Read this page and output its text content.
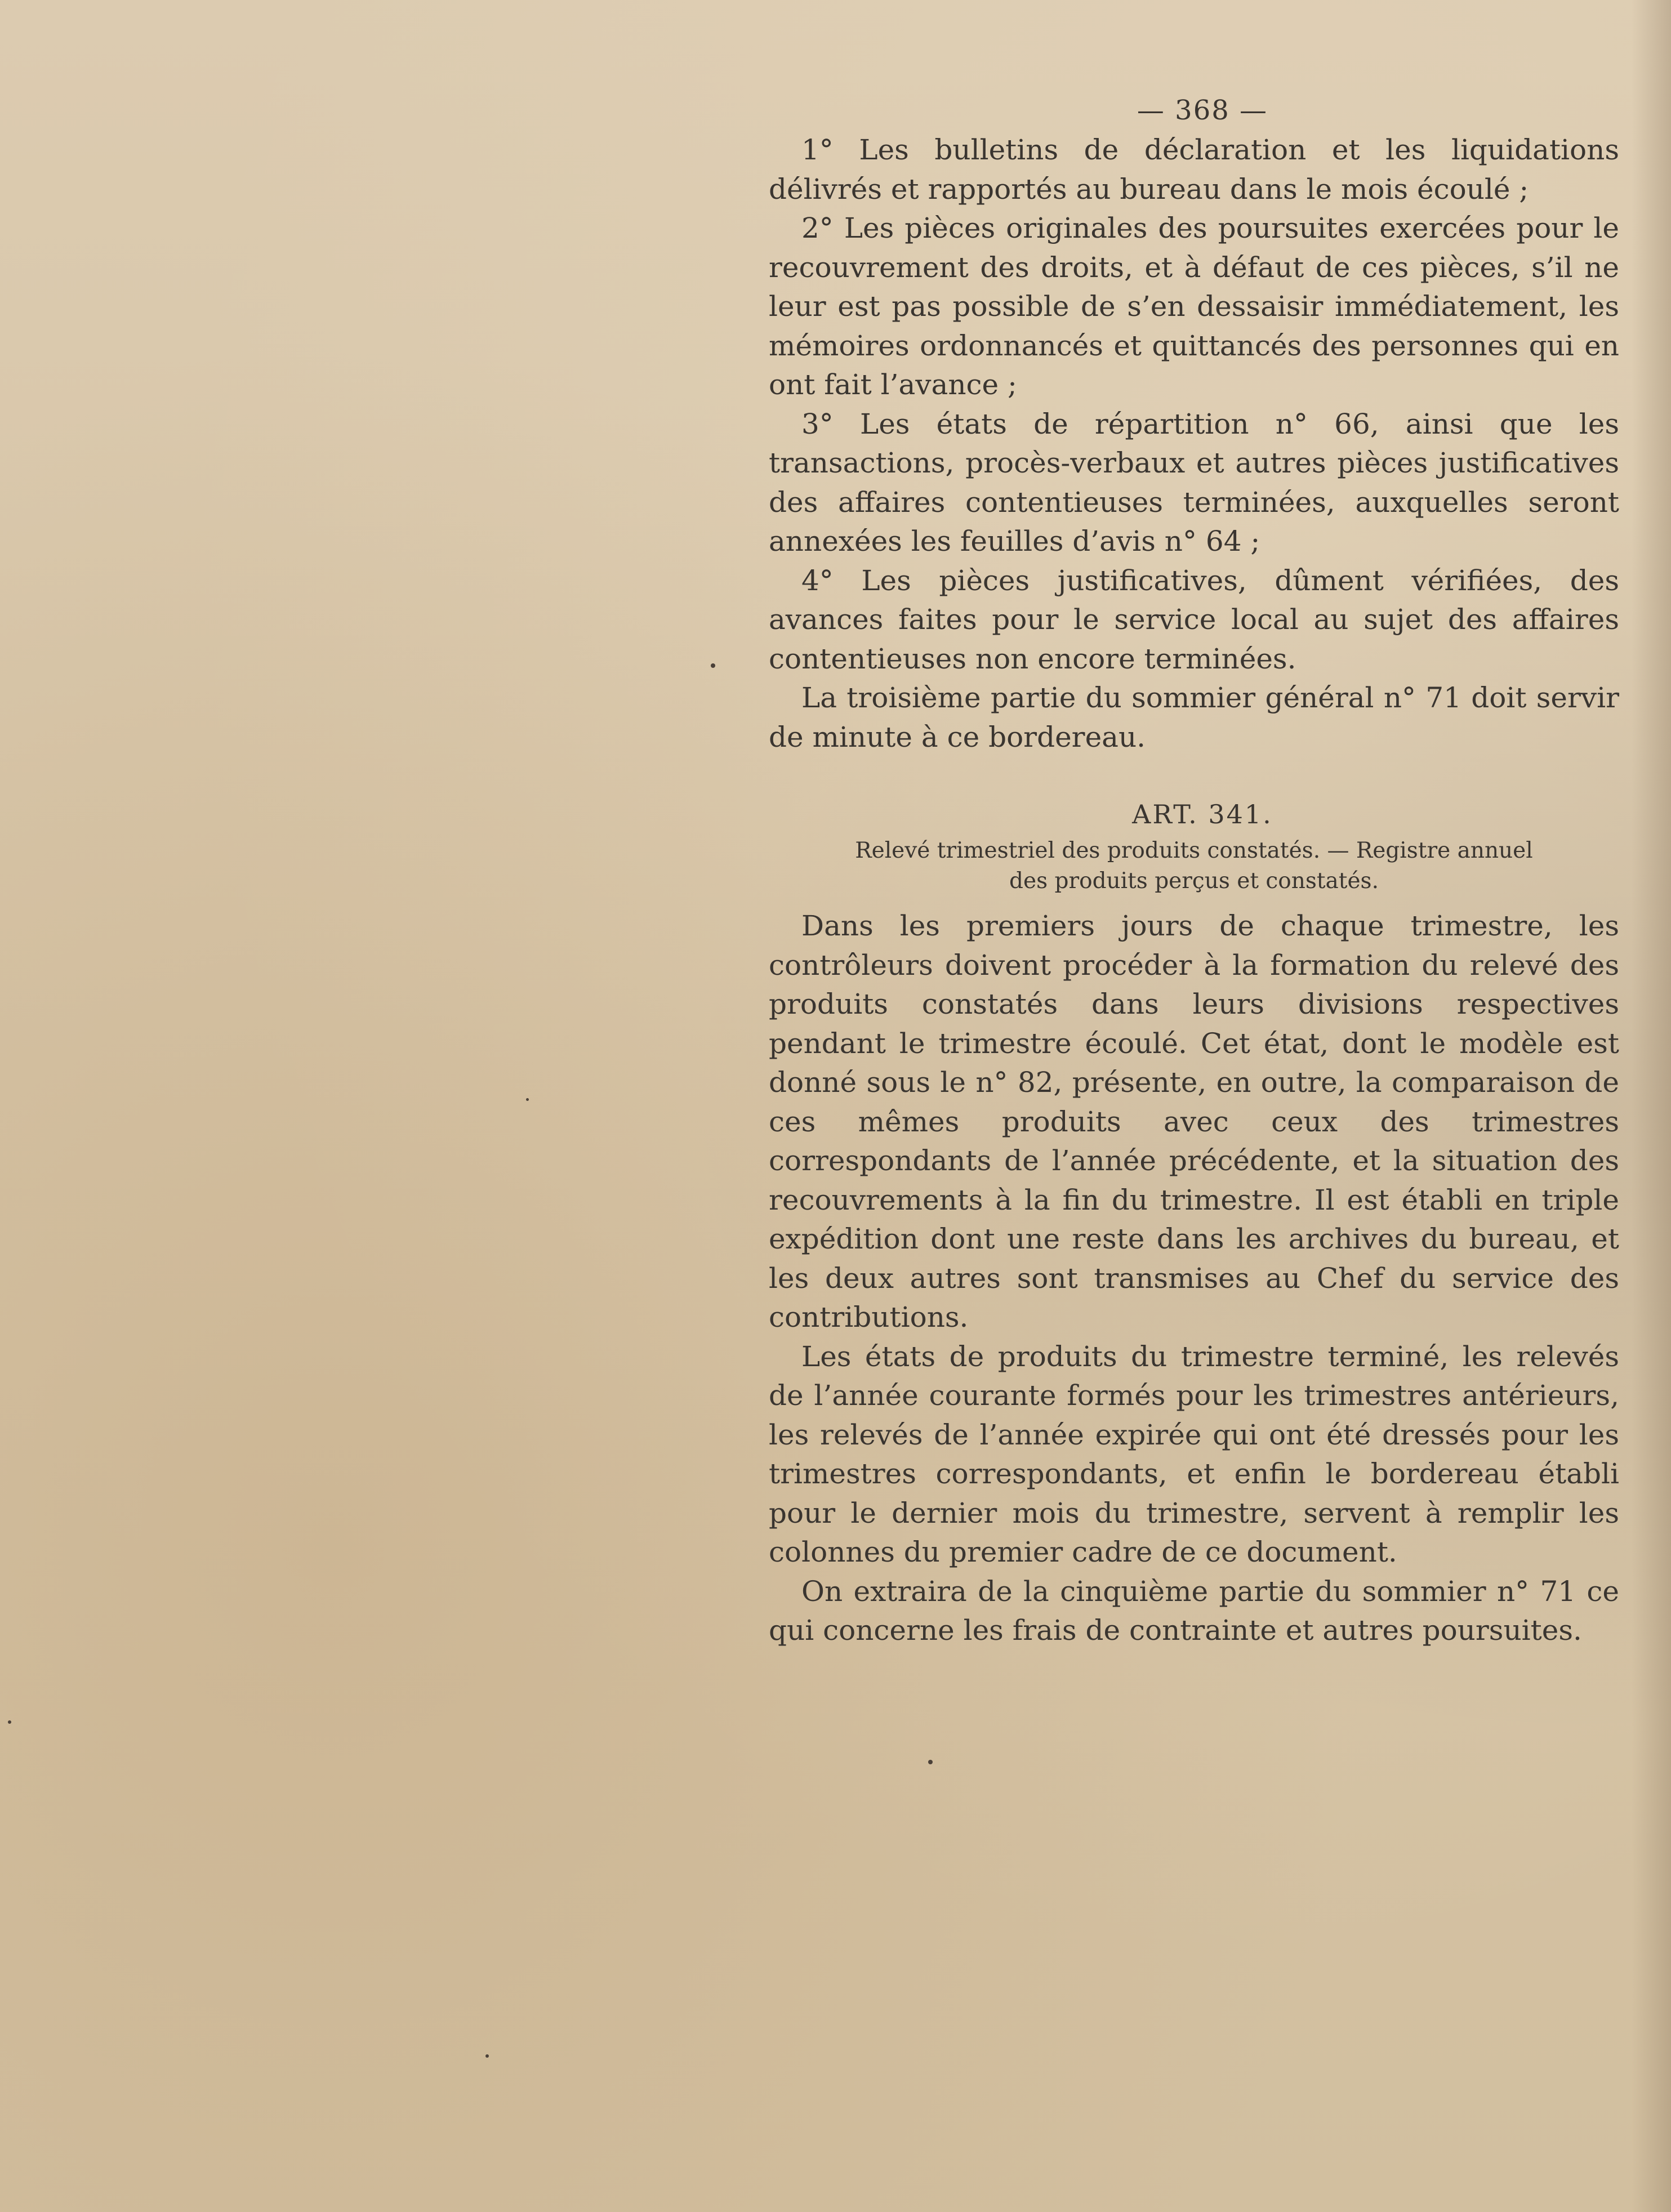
— 368 —

1° Les bulletins de déclaration et les liquidations délivrés et rapportés au bureau dans le mois écoulé ;

2° Les pièces originales des poursuites exercées pour le recouvrement des droits, et à défaut de ces pièces, s’il ne leur est pas possible de s’en dessaisir immédiatement, les mémoires ordonnancés et quittancés des personnes qui en ont fait l’avance ;

3° Les états de répartition n° 66, ainsi que les transactions, procès-verbaux et autres pièces justificatives des affaires contentieuses terminées, auxquelles seront annexées les feuilles d’avis n° 64 ;

4° Les pièces justificatives, dûment vérifiées, des avances faites pour le service local au sujet des affaires contentieuses non encore terminées.

La troisième partie du sommier général n° 71 doit servir de minute à ce bordereau.

ART. 341.
Relevé trimestriel des produits constatés. — Registre annuel
des produits perçus et constatés.

Dans les premiers jours de chaque trimestre, les contrôleurs doivent procéder à la formation du relevé des produits constatés dans leurs divisions respectives pendant le trimestre écoulé. Cet état, dont le modèle est donné sous le n° 82, présente, en outre, la comparaison de ces mêmes produits avec ceux des trimestres correspondants de l’année précédente, et la situation des recouvrements à la fin du trimestre. Il est établi en triple expédition dont une reste dans les archives du bureau, et les deux autres sont transmises au Chef du service des contributions.

Les états de produits du trimestre terminé, les relevés de l’année courante formés pour les trimestres antérieurs, les relevés de l’année expirée qui ont été dressés pour les trimestres correspondants, et enfin le bordereau établi pour le dernier mois du trimestre, servent à remplir les colonnes du premier cadre de ce document.

On extraira de la cinquième partie du sommier n° 71 ce qui concerne les frais de contrainte et autres poursuites.
